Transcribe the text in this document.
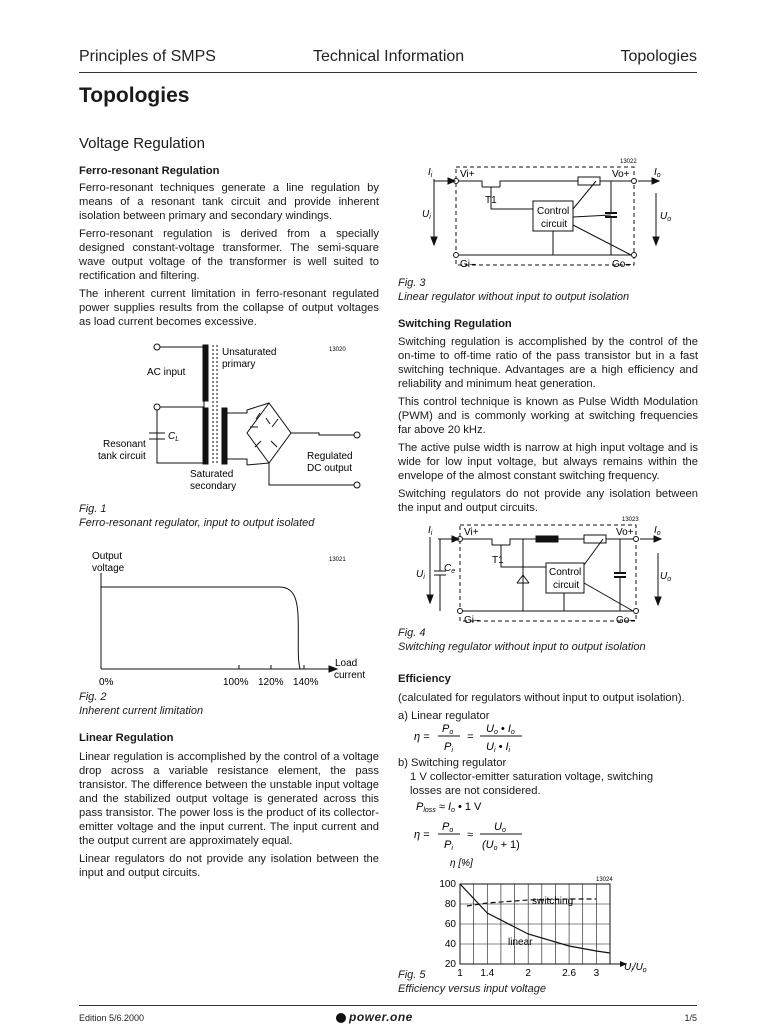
Principles of SMPS	Technical Information	Topologies
Topologies
Voltage Regulation
Ferro-resonant Regulation

Ferro-resonant techniques generate a line regulation by means of a resonant tank circuit and provide inherent isolation between primary and secondary windings.

Ferro-resonant regulation is derived from a specially designed constant-voltage transformer. The semi-square wave output voltage of the transformer is well suited to rectification and filtering.

The inherent current limitation in ferro-resonant regulated power supplies results from the collapse of output voltages as load current becomes excessive.

13020
AC input
Unsaturated
primary
$C_L$
Resonant
tank circuit
Saturated
secondary
Regulated
DC output
Fig. 1
Ferro-resonant regulator, input to output isolated
Output
voltage
13021
0%	100% 120% 140%
Load
current
Fig. 2
Inherent current limitation
Linear Regulation

Linear regulation is accomplished by the control of a voltage drop across a variable resistance element, the pass transistor. The difference between the unstable input voltage and the stabilized output voltage is generated across this pass transistor. The power loss is the product of its collector-emitter voltage and the input current. The input current and the output current are approximately equal.

Linear regulators do not provide any isolation between the input and output circuits.

13022
$I_i$	$I_o$
Vi+	Vo+
$U_i$	$U_o$
T1
Control
circuit
Gi–	Go–
Fig. 3
Linear regulator without input to output isolation
Switching Regulation

Switching regulation is accomplished by the control of the on-time to off-time ratio of the pass transistor but in a fast switching technique. Advantages are a high efficiency and reliability and minimum heat generation.

This control technique is known as Pulse Width Modulation (PWM) and is commonly working at switching frequencies far above 20 kHz.

The active pulse width is narrow at high input voltage and is wide for low input voltage, but always remains within the envelope of the almost constant switching frequency.

Switching regulators do not provide any isolation between the input and output circuits.

13023
$I_i$	$I_o$
Vi+	Vo+
$U_i$	$U_o$
$C_e$
T1
Control
circuit
Gi–	Go–
Fig. 4
Switching regulator without input to output isolation
Efficiency

(calculated for regulators without input to output isolation).

a) Linear regulator

η =
Po
Pi
=
Uo • Io
Ui • Ii

b) Switching regulator

1 V collector-emitter saturation voltage, switching

losses are not considered.

Ploss ≈ Io • 1 V
η =
Po
Pi
≈
Uo
(Uo + 1)
η [%]
13024
20
40
60
80
100
1 1.4	2	2.6 3
switching
linear
$U_i/U_o$
Fig. 5
Efficiency versus input voltage
Edition 5/6.2000	power.one	1/5
